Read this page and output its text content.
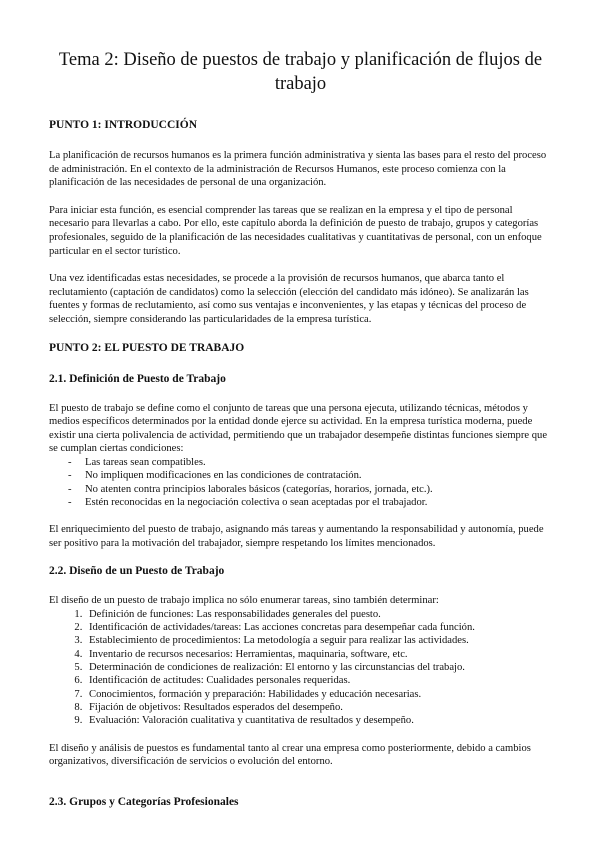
Tema 2: Diseño de puestos de trabajo y planificación de flujos de trabajo
PUNTO 1: INTRODUCCIÓN

La planificación de recursos humanos es la primera función administrativa y sienta las bases para el resto del proceso de administración. En el contexto de la administración de Recursos Humanos, este proceso comienza con la planificación de las necesidades de personal de una organización.

Para iniciar esta función, es esencial comprender las tareas que se realizan en la empresa y el tipo de personal necesario para llevarlas a cabo. Por ello, este capítulo aborda la definición de puesto de trabajo, grupos y categorías profesionales, seguido de la planificación de las necesidades cualitativas y cuantitativas de personal, con un enfoque particular en el sector turístico.

Una vez identificadas estas necesidades, se procede a la provisión de recursos humanos, que abarca tanto el reclutamiento (captación de candidatos) como la selección (elección del candidato más idóneo). Se analizarán las fuentes y formas de reclutamiento, así como sus ventajas e inconvenientes, y las etapas y técnicas del proceso de selección, siempre considerando las particularidades de la empresa turística.

PUNTO 2: EL PUESTO DE TRABAJO
2.1. Definición de Puesto de Trabajo

El puesto de trabajo se define como el conjunto de tareas que una persona ejecuta, utilizando técnicas, métodos y medios específicos determinados por la entidad donde ejerce su actividad. En la empresa turística moderna, puede existir una cierta polivalencia de actividad, permitiendo que un trabajador desempeñe distintas funciones siempre que se cumplan ciertas condiciones:

- Las tareas sean compatibles.
- No impliquen modificaciones en las condiciones de contratación.
- No atenten contra principios laborales básicos (categorías, horarios, jornada, etc.).
- Estén reconocidas en la negociación colectiva o sean aceptadas por el trabajador.

El enriquecimiento del puesto de trabajo, asignando más tareas y aumentando la responsabilidad y autonomía, puede ser positivo para la motivación del trabajador, siempre respetando los límites mencionados.

2.2. Diseño de un Puesto de Trabajo

El diseño de un puesto de trabajo implica no sólo enumerar tareas, sino también determinar:

1. Definición de funciones: Las responsabilidades generales del puesto.
2. Identificación de actividades/tareas: Las acciones concretas para desempeñar cada función.
3. Establecimiento de procedimientos: La metodología a seguir para realizar las actividades.
4. Inventario de recursos necesarios: Herramientas, maquinaria, software, etc.
5. Determinación de condiciones de realización: El entorno y las circunstancias del trabajo.
6. Identificación de actitudes: Cualidades personales requeridas.
7. Conocimientos, formación y preparación: Habilidades y educación necesarias.
8. Fijación de objetivos: Resultados esperados del desempeño.
9. Evaluación: Valoración cualitativa y cuantitativa de resultados y desempeño.

El diseño y análisis de puestos es fundamental tanto al crear una empresa como posteriormente, debido a cambios organizativos, diversificación de servicios o evolución del entorno.

2.3. Grupos y Categorías Profesionales
